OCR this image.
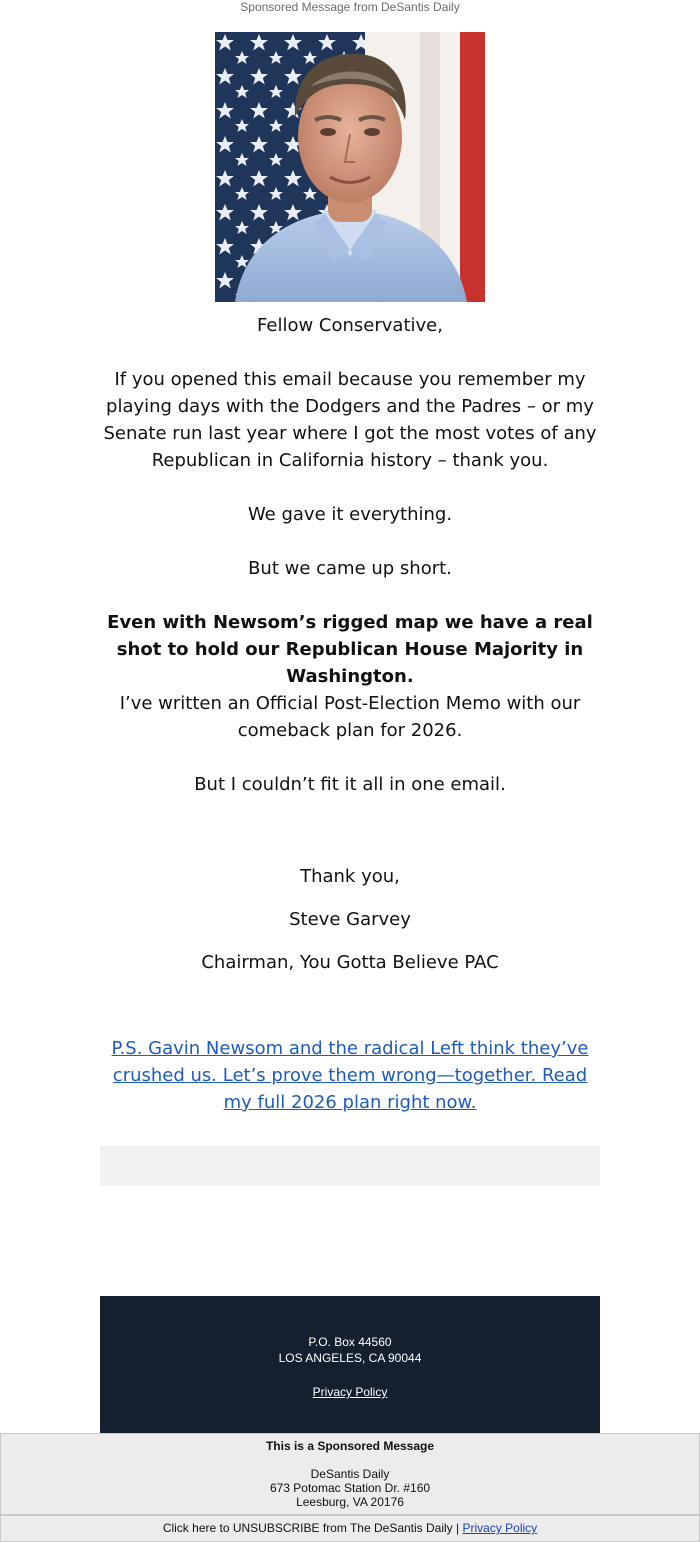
Sponsored Message from DeSantis Daily
Fellow Conservative,
If you opened this email because you remember my playing days with the Dodgers and the Padres – or my Senate run last year where I got the most votes of any Republican in California history – thank you.
We gave it everything.
But we came up short.
Even with Newsom’s rigged map we have a real shot to hold our Republican House Majority in Washington.
I’ve written an Official Post-Election Memo with our comeback plan for 2026.
But I couldn’t fit it all in one email.
Thank you,
Steve Garvey
Chairman, You Gotta Believe PAC
P.S. Gavin Newsom and the radical Left think they’ve crushed us. Let’s prove them wrong—together. Read my full 2026 plan right now.
P.O. Box 44560
LOS ANGELES, CA 90044
Privacy Policy
This is a Sponsored Message
DeSantis Daily
673 Potomac Station Dr. #160
Leesburg, VA 20176
Click here to UNSUBSCRIBE from The DeSantis Daily | Privacy Policy
